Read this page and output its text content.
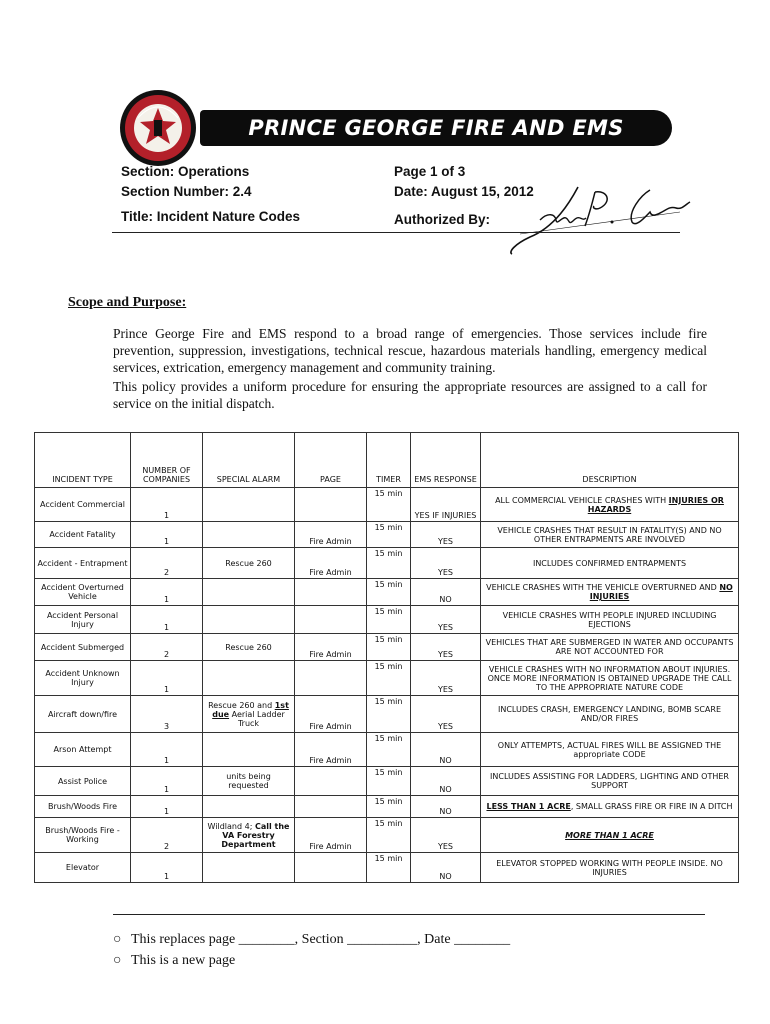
PRINCE GEORGE FIRE AND EMS
Section: Operations
Section Number: 2.4
Title: Incident Nature Codes
Page 1 of 3
Date: August 15, 2012
Authorized By:
Scope and Purpose:
Prince George Fire and EMS respond to a broad range of emergencies. Those services include fire prevention, suppression, investigations, technical rescue, hazardous materials handling, emergency medical services, extrication, emergency management and community training.
This policy provides a uniform procedure for ensuring the appropriate resources are assigned to a call for service on the initial dispatch.
INCIDENT TYPE	NUMBER OF COMPANIES	SPECIAL ALARM	PAGE	TIMER	EMS RESPONSE	DESCRIPTION
Accident Commercial	1			15 min	YES IF INJURIES	ALL COMMERCIAL VEHICLE CRASHES WITH INJURIES OR HAZARDS
Accident Fatality	1		Fire Admin	15 min	YES	VEHICLE CRASHES THAT RESULT IN FATALITY(S) AND NO OTHER ENTRAPMENTS ARE INVOLVED
Accident - Entrapment	2	Rescue 260	Fire Admin	15 min	YES	INCLUDES CONFIRMED ENTRAPMENTS
Accident Overturned Vehicle	1			15 min	NO	VEHICLE CRASHES WITH THE VEHICLE OVERTURNED AND NO INJURIES
Accident Personal Injury	1			15 min	YES	VEHICLE CRASHES WITH PEOPLE INJURED INCLUDING EJECTIONS
Accident Submerged	2	Rescue 260	Fire Admin	15 min	YES	VEHICLES THAT ARE SUBMERGED IN WATER AND OCCUPANTS ARE NOT ACCOUNTED FOR
Accident Unknown Injury	1			15 min	YES	VEHICLE CRASHES WITH NO INFORMATION ABOUT INJURIES. ONCE MORE INFORMATION IS OBTAINED UPGRADE THE CALL TO THE APPROPRIATE NATURE CODE
Aircraft down/fire	3	Rescue 260 and 1st due Aerial Ladder Truck	Fire Admin	15 min	YES	INCLUDES CRASH, EMERGENCY LANDING, BOMB SCARE AND/OR FIRES
Arson Attempt	1		Fire Admin	15 min	NO	ONLY ATTEMPTS, ACTUAL FIRES WILL BE ASSIGNED THE appropriate CODE
Assist Police	1	units being requested		15 min	NO	INCLUDES ASSISTING FOR LADDERS, LIGHTING AND OTHER SUPPORT
Brush/Woods Fire	1			15 min	NO	LESS THAN 1 ACRE, SMALL GRASS FIRE OR FIRE IN A DITCH
Brush/Woods Fire - Working	2	Wildland 4; Call the VA Forestry Department	Fire Admin	15 min	YES	MORE THAN 1 ACRE
Elevator	1			15 min	NO	ELEVATOR STOPPED WORKING WITH PEOPLE INSIDE. NO INJURIES
○ This replaces page ________, Section __________, Date ________
○ This is a new page
